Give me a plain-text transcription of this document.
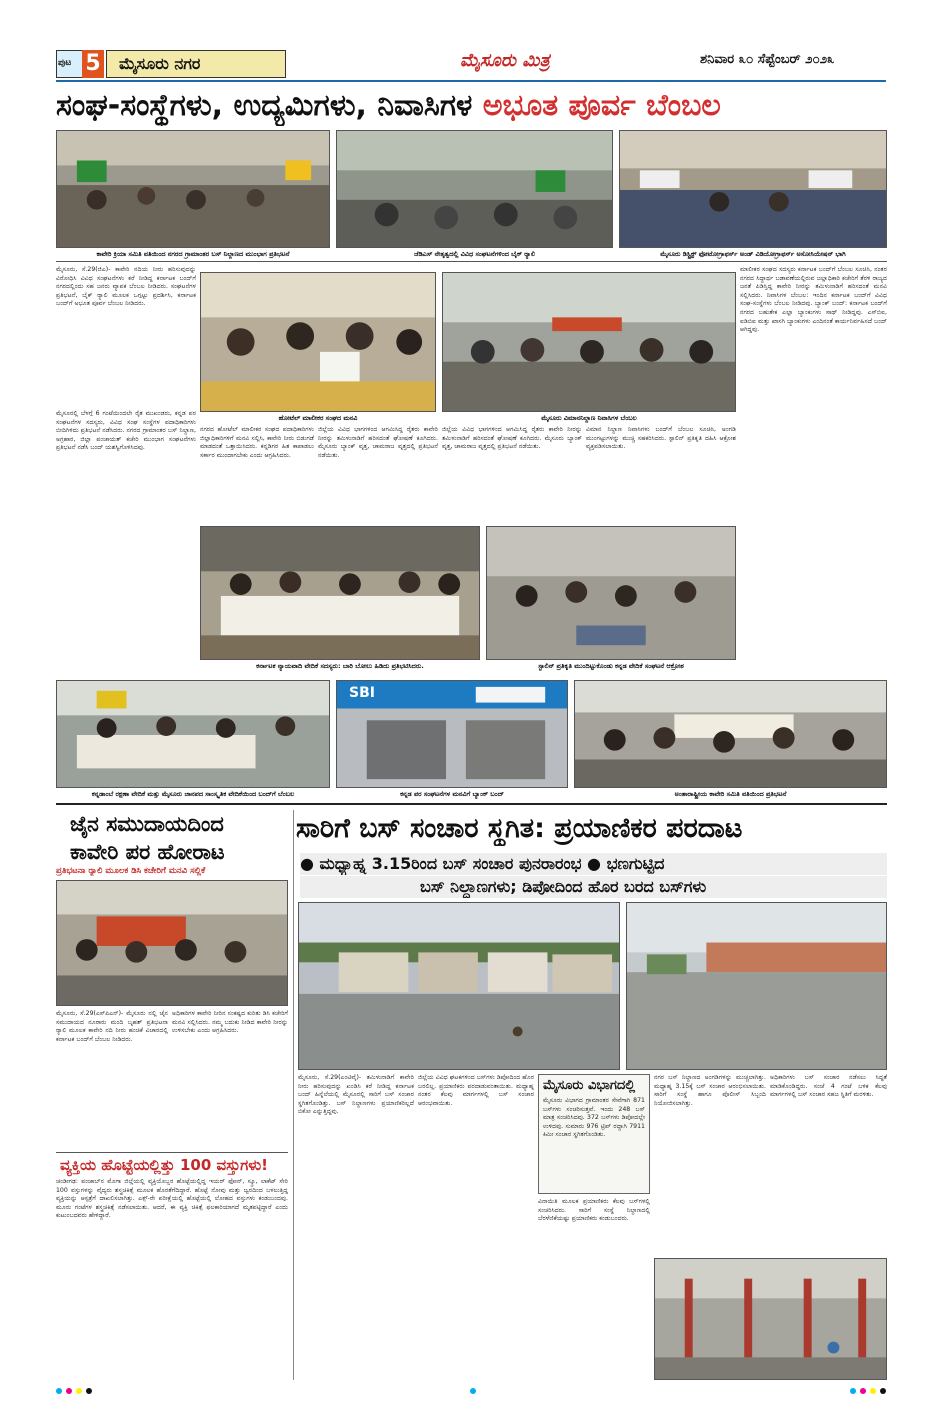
ಪುಟ 5	ಮೈಸೂರು ನಗರ	ಮೈಸೂರು ಮಿತ್ರ	ಶನಿವಾರ ೩೦ ಸೆಪ್ಟೆಂಬರ್ ೨೦೨೩
ಸಂಘ-ಸಂಸ್ಥೆಗಳು, ಉದ್ಯಮಿಗಳು, ನಿವಾಸಿಗಳ ಅಭೂತ ಪೂರ್ವ ಬೆಂಬಲ
ಕಾವೇರಿ ಕ್ರಿಯಾ ಸಮಿತಿ ವತಿಯಿಂದ ನಗರದ ಗ್ರಾಮಾಂತರ ಬಸ್ ನಿಲ್ದಾಣದ ಮುಂಭಾಗ ಪ್ರತಿಭಟನೆ	ಜೆಡಿಎಸ್ ನೇತೃತ್ವದಲ್ಲಿ ವಿವಿಧ ಸಂಘಟನೆಗಳಿಂದ ಬೈಕ್ ರ್‍ಯಾಲಿ	ಮೈಸೂರು ಡಿಸ್ಟ್ರಿಕ್ಟ್ ಫೋಟೋಗ್ರಾಫರ್ಸ್ ಅಂಡ್ ವಿಡಿಯೋಗ್ರಾಫರ್ಸ್ ಅಸೋಸಿಯೇಷನ್ ಭಾಗಿ
ಮೈಸೂರು, ಸೆ.29(ಜಿಎ)- ಕಾವೇರಿ ನದಿಯ ನೀರು ಹರಿಸುವುದನ್ನು ವಿರೋಧಿಸಿ ವಿವಿಧ ಸಂಘಟನೆಗಳು ಕರೆ ನೀಡಿದ್ದ ಕರ್ನಾಟಕ ಬಂದ್‌ಗೆ ನಗರದಲ್ಲಿಂದು ಸಹ ಜನರು ವ್ಯಾಪಕ ಬೆಂಬಲ ನೀಡಿದರು. ಸಂಘಟನೆಗಳ ಪ್ರತಿಭಟನೆ, ಬೈಕ್ ರ್‍ಯಾಲಿ ಮೂಲಕ ಒಗ್ಗಟ್ಟು ಪ್ರದರ್ಶಿಸಿ, ಕರ್ನಾಟಕ ಬಂದ್‌ಗೆ ಅಭೂತ ಪೂರ್ವ ಬೆಂಬಲ ನೀಡಿದರು.
ಮೈಸೂರಲ್ಲಿ ಬೆಳಗ್ಗೆ 6 ಗಂಟೆಯಿಂದಲೇ ರೈತ ಮುಖಂಡರು, ಕನ್ನಡ ಪರ ಸಂಘಟನೆಗಳ ಸದಸ್ಯರು, ವಿವಿಧ ಸಂಘ ಸಂಸ್ಥೆಗಳ ಪದಾಧಿಕಾರಿಗಳು ಬೀದಿಗಿಳಿದು ಪ್ರತಿಭಟನೆ ನಡೆಸಿದರು. ನಗರದ ಗ್ರಾಮಾಂತರ ಬಸ್ ನಿಲ್ದಾಣ, ಅಗ್ರಹಾರ, ಜಿಲ್ಲಾ ಪಂಚಾಯತ್ ಕಚೇರಿ ಮುಂಭಾಗ ಸಂಘಟನೆಗಳು ಪ್ರತಿಭಟನೆ ನಡೆಸಿ ಬಂದ್ ಯಶಸ್ವಿಗೊಳಿಸಿದವು.
ಹೋಟೆಲ್ ಮಾಲೀಕರ ಸಂಘದ ಮನವಿ	ಮೈಸೂರು ವಿಮಾನನಿಲ್ದಾಣ ನಿವಾಸಿಗಳ ಬೆಂಬಲ
ಮಾಲೀಕರ ಸಂಘದ ಸದಸ್ಯರು ಕರ್ನಾಟಕ ಬಂದ್‌ಗೆ ಬೆಂಬಲ ಸೂಚಿಸಿ, ನಂತರ ನಗರದ ಸಿದ್ಧಾರ್ಥ ಬಡಾವಣೆಯಲ್ಲಿರುವ ಜಲ್ಲಾಧಿಕಾರಿ ಕಚೇರಿಗೆ ತೆರಳಿ ರಾಜ್ಯದ ಜನತೆ ಪಿಡಿಸ್ತಿದ್ದ ಕಾವೇರಿ ನೀರನ್ನು ತಮಿಳುನಾಡಿಗೆ ಹರಿಸದಂತೆ ಮನವಿ ಸಲ್ಲಿಸಿದರು. ನಿವಾಸಿಗಳ ಬೆಂಬಲ: ಇಂದಿನ ಕರ್ನಾಟಕ ಬಂದ್‌ಗೆ ವಿವಿಧ ಸಂಘ-ಸಂಸ್ಥೆಗಳು ಬೆಂಬಲ ನೀಡಿದವು. ಬ್ಯಾಂಕ್ ಬಂದ್: ಕರ್ನಾಟಕ ಬಂದ್‌ಗೆ ನಗರದ ಬಹುತೇಕ ಎಲ್ಲಾ ಬ್ಯಾಂಕುಗಳು ಸಾಥ್ ನೀಡಿದ್ದವು. ಎಸ್‌ಬಿಐ, ಐಡಿಬಿಐ ಮತ್ತು ಖಾಸಗಿ ಬ್ಯಾಂಕುಗಳು ಎಂದಿನಂತೆ ಕಾರ್ಯನಿರ್ವಹಿಸದೆ ಬಂದ್ ಆಗಿದ್ದವು.
ನಗರದ ಹೋಟೆಲ್ ಮಾಲೀಕರ ಸಂಘದ ಪದಾಧಿಕಾರಿಗಳು ಜಿಲ್ಲಾಧಿಕಾರಿಗಳಿಗೆ ಮನವಿ ಸಲ್ಲಿಸಿ, ಕಾವೇರಿ ನೀರು ಬಿಡುಗಡೆ ಮಾಡದಂತೆ ಒತ್ತಾಯಿಸಿದರು. ಕನ್ನಡಿಗರ ಹಿತ ಕಾಪಾಡಲು ಸರ್ಕಾರ ಮುಂದಾಗಬೇಕು ಎಂದು ಆಗ್ರಹಿಸಿದರು.
ಜಿಲ್ಲೆಯ ವಿವಿಧ ಭಾಗಗಳಿಂದ ಆಗಮಿಸಿದ್ದ ರೈತರು ಕಾವೇರಿ ನೀರನ್ನು ತಮಿಳುನಾಡಿಗೆ ಹರಿಸದಂತೆ ಘೋಷಣೆ ಕೂಗಿದರು. ಮೈಸೂರು ಬ್ಯಾಂಕ್ ವೃತ್ತ, ಚಾಮರಾಜ ವೃತ್ತದಲ್ಲಿ ಪ್ರತಿಭಟನೆ ನಡೆಯಿತು.
ಜಿಲ್ಲೆಯ ವಿವಿಧ ಭಾಗಗಳಿಂದ ಆಗಮಿಸಿದ್ದ ರೈತರು ಕಾವೇರಿ ನೀರನ್ನು ತಮಿಳುನಾಡಿಗೆ ಹರಿಸದಂತೆ ಘೋಷಣೆ ಕೂಗಿದರು. ಮೈಸೂರು ಬ್ಯಾಂಕ್ ವೃತ್ತ, ಚಾಮರಾಜ ವೃತ್ತದಲ್ಲಿ ಪ್ರತಿಭಟನೆ ನಡೆಯಿತು.
ವಿಮಾನ ನಿಲ್ದಾಣ ನಿವಾಸಿಗಳು ಬಂದ್‌ಗೆ ಬೆಂಬಲ ಸೂಚಿಸಿ, ಅಂಗಡಿ ಮುಂಗಟ್ಟುಗಳನ್ನು ಮುಚ್ಚಿ ಸಹಕರಿಸಿದರು. ಸ್ಟಾಲಿನ್ ಪ್ರತಿಕೃತಿ ದಹಿಸಿ ಆಕ್ರೋಶ ವ್ಯಕ್ತಪಡಿಸಲಾಯಿತು.
ಕರ್ನಾಟಕ ನ್ಯಾಯವಾದಿ ವೇದಿಕೆ ಸದಸ್ಯರು: ಬಾರಿ ಬೋಲು ಹಿಡಿದು ಪ್ರತಿಭಟಿಸಿದರು.	ಸ್ಟಾಲಿನ್ ಪ್ರತಿಕೃತಿ ಮುಂದಿಟ್ಟುಕೊಂಡು ಕನ್ನಡ ವೇದಿಕೆ ಸಂಘಟನೆ ಆಕ್ರೋಶ
SBI
ಕನ್ನಡಾಂಬೆ ರಕ್ಷಣಾ ವೇದಿಕೆ ಮತ್ತು ಮೈಸೂರು ಜಾನಪದ ಸಾಂಸ್ಕೃತಿಕ ವೇದಿಕೆಯಿಂದ ಬಂದ್‌ಗೆ ಬೆಂಬಲ	ಕನ್ನಡ ಪರ ಸಂಘಟನೆಗಳ ಮನವಿಗೆ ಬ್ಯಾಂಕ್ ಬಂದ್	ಅಂತಾರಾಷ್ಟ್ರೀಯ ಕಾವೇರಿ ಸಮಿತಿ ವತಿಯಿಂದ ಪ್ರತಿಭಟನೆ
ಜೈನ ಸಮುದಾಯದಿಂದ
ಕಾವೇರಿ ಪರ ಹೋರಾಟ
ಪ್ರತಿಭಟನಾ ರ್‍ಯಾಲಿ ಮೂಲಕ ಡಿಸಿ ಕಚೇರಿಗೆ ಮನವಿ ಸಲ್ಲಿಕೆ
ಮೈಸೂರು, ಸೆ.29(ಎಸ್‌ಪಿಎನ್)- ಮೈಸೂರು ನಲ್ಲಿ ಜೈನ ಸಮುದಾಯದ ನೂರಾರು ಮಂದಿ ಬೃಹತ್ ಪ್ರತಿಭಟನಾ ರ್‍ಯಾಲಿ ಮೂಲಕ ಕಾವೇರಿ ನದಿ ನೀರು ಹಂಚಿಕೆ ವಿಚಾರದಲ್ಲಿ ಕರ್ನಾಟಕ ಬಂದ್‌ಗೆ ಬೆಂಬಲ ನೀಡಿದರು.
ಅಧಿಕಾರಿಗಳ ಕಾವೇರಿ ನೀರಿನ ಸಂಕಷ್ಟದ ಕುರಿತು ಡಿಸಿ ಕಚೇರಿಗೆ ಮನವಿ ಸಲ್ಲಿಸಿದರು. ನಮ್ಮ ಬದುಕು ನೀಡಿದ ಕಾವೇರಿ ನೀರನ್ನು ಉಳಿಸಬೇಕು ಎಂದು ಆಗ್ರಹಿಸಿದರು.
ವ್ಯಕ್ತಿಯ ಹೊಟ್ಟೆಯಲ್ಲಿತ್ತು 100 ವಸ್ತುಗಳು!
ಚಂಡೀಗಢ: ಪಂಜಾಬ್‌ನ ಮೊಗಾ ಜಿಲ್ಲೆಯಲ್ಲಿ ವ್ಯಕ್ತಿಯೊಬ್ಬರ ಹೊಟ್ಟೆಯಲ್ಲಿದ್ದ ಇಯರ್ ಫೋನ್, ಸ್ಕ್ರೂ, ಲಾಕೆಟ್ ಸೇರಿ 100 ವಸ್ತುಗಳನ್ನು ವೈದ್ಯರು ಶಸ್ತ್ರಚಿಕಿತ್ಸೆ ಮೂಲಕ ಹೊರತೆಗೆದಿದ್ದಾರೆ. ಹೊಟ್ಟೆ ನೋವು ಮತ್ತು ಜ್ವರದಿಂದ ಬಳಲುತ್ತಿದ್ದ ವ್ಯಕ್ತಿಯನ್ನು ಆಸ್ಪತ್ರೆಗೆ ದಾಖಲಿಸಲಾಗಿತ್ತು. ಎಕ್ಸ್-ರೇ ಪರೀಕ್ಷೆಯಲ್ಲಿ ಹೊಟ್ಟೆಯಲ್ಲಿ ಲೋಹದ ವಸ್ತುಗಳು ಕಂಡುಬಂದವು. ಮೂರು ಗಂಟೆಗಳ ಶಸ್ತ್ರಚಿಕಿತ್ಸೆ ನಡೆಸಲಾಯಿತು. ಆದರೆ, ಈ ವ್ಯಕ್ತಿ ಚಿಕಿತ್ಸೆ ಫಲಕಾರಿಯಾಗದೆ ಮೃತಪಟ್ಟಿದ್ದಾರೆ ಎಂದು ಕುಟುಂಬದವರು ಹೇಳಿದ್ದಾರೆ.
ಸಾರಿಗೆ ಬಸ್ ಸಂಚಾರ ಸ್ಥಗಿತ: ಪ್ರಯಾಣಿಕರ ಪರದಾಟ
● ಮಧ್ಯಾಹ್ನ 3.15ರಿಂದ ಬಸ್ ಸಂಚಾರ ಪುನರಾರಂಭ ● ಭಣಗುಟ್ಟಿದ
ಬಸ್ ನಿಲ್ದಾಣಗಳು; ಡಿಪೋದಿಂದ ಹೊರ ಬರದ ಬಸ್‌ಗಳು
ಮೈಸೂರು, ಸೆ.29(ಎಂಟಿವೈ)- ತಮಿಳುನಾಡಿಗೆ ಕಾವೇರಿ ನೀರು ಹರಿಸುವುದನ್ನು ಖಂಡಿಸಿ ಕರೆ ನೀಡಿದ್ದ ಕರ್ನಾಟಕ ಬಂದ್ ಹಿನ್ನೆಲೆಯಲ್ಲಿ ಮೈಸೂರಲ್ಲಿ ಸಾರಿಗೆ ಬಸ್ ಸಂಚಾರ ಸ್ಥಗಿತಗೊಂಡಿತ್ತು. ಬಸ್ ನಿಲ್ದಾಣಗಳು ಪ್ರಯಾಣಿಕರಿಲ್ಲದೆ ಬಿಕೋ ಎನ್ನುತ್ತಿದ್ದವು.
ಜಿಲ್ಲೆಯ ವಿವಿಧ ಘಟಕಗಳಿಂದ ಬಸ್‌ಗಳು ಡಿಪೋದಿಂದ ಹೊರ ಬರಲಿಲ್ಲ. ಪ್ರಯಾಣಿಕರು ಪರದಾಡುವಂತಾಯಿತು. ಮಧ್ಯಾಹ್ನ ನಂತರ ಕೆಲವು ಮಾರ್ಗಗಳಲ್ಲಿ ಬಸ್ ಸಂಚಾರ ಆರಂಭವಾಯಿತು.
ಮೈಸೂರು ವಿಭಾಗದಲ್ಲಿ
ಮೈಸೂರು ವಿಭಾಗದ ಗ್ರಾಮಾಂತರ ಸೇವೆಗಾಗಿ 871 ಬಸ್‌ಗಳು ಸಂಚರಿಸುತ್ತವೆ. ಇಂದು 248 ಬಸ್ ಮಾತ್ರ ಸಂಚರಿಸಿದವು. 372 ಬಸ್‌ಗಳು ಡಿಪೋದಲ್ಲೇ ಉಳಿದವು. ಸುಮಾರು 976 ಟ್ರಿಪ್ ರದ್ದಾಗಿ 7911 ಕಿಮೀ ಸಂಚಾರ ಸ್ಥಗಿತಗೊಂಡಿತು.
ವಿನಾಯಿತಿ ಮೂಲಕ ಪ್ರಯಾಣಿಕರು ಕೆಲವು ಬಸ್‌ಗಳಲ್ಲಿ ಸಂಚರಿಸಿದರು. ಸಾರಿಗೆ ಸಂಸ್ಥೆ ನಿಲ್ದಾಣದಲ್ಲಿ ಬೆರಳೆಣಿಕೆಯಷ್ಟು ಪ್ರಯಾಣಿಕರು ಕಂಡುಬಂದರು.
ನಗರ ಬಸ್ ನಿಲ್ದಾಣದ ಅಂಗಡಿಗಳನ್ನು ಮುಚ್ಚಲಾಗಿತ್ತು. ಮಧ್ಯಾಹ್ನ 3.15ಕ್ಕೆ ಬಸ್ ಸಂಚಾರ ಆರಂಭಿಸಲಾಯಿತು. ಸಾರಿಗೆ ಸಂಸ್ಥೆ ಹಾಗೂ ಪೊಲೀಸ್ ಸಿಬ್ಬಂದಿ ನಿಯೋಜಿಸಲಾಗಿತ್ತು.
ಅಧಿಕಾರಿಗಳು ಬಸ್ ಸಂಚಾರ ನಡೆಸಲು ಸಿದ್ಧತೆ ಮಾಡಿಕೊಂಡಿದ್ದರು. ಸಂಜೆ 4 ಗಂಟೆ ಬಳಿಕ ಕೆಲವು ಮಾರ್ಗಗಳಲ್ಲಿ ಬಸ್ ಸಂಚಾರ ಸಹಜ ಸ್ಥಿತಿಗೆ ಮರಳಿತು.
